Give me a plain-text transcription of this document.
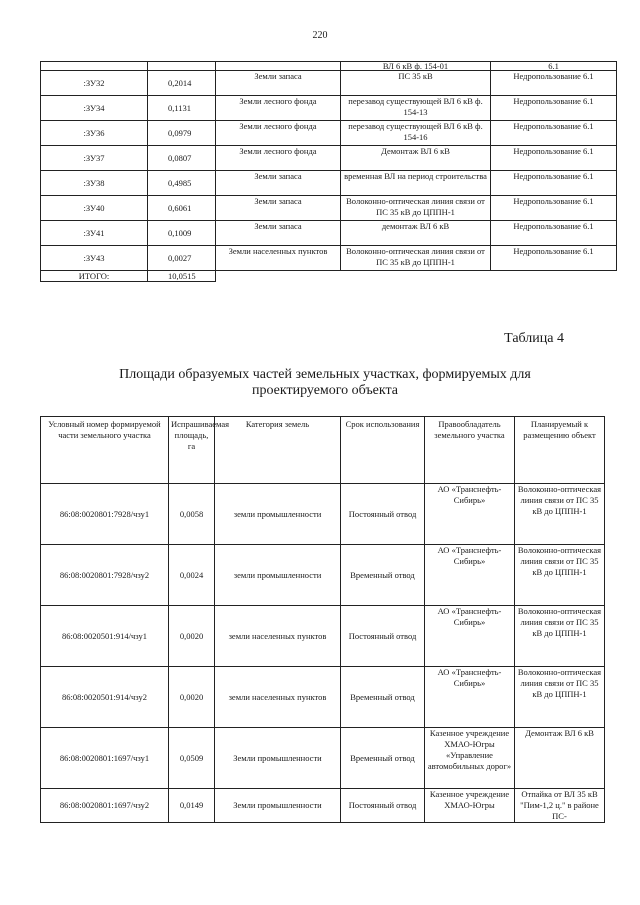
220
			ВЛ 6 кВ ф. 154-01	6.1
:ЗУ32	0,2014	Земли запаса	ПС 35 кВ	Недропользование 6.1
:ЗУ34	0,1131	Земли лесного фонда	перезавод существующей ВЛ 6 кВ ф. 154-13	Недропользование 6.1
:ЗУ36	0,0979	Земли лесного фонда	перезавод существующей ВЛ 6 кВ ф. 154-16	Недропользование 6.1
:ЗУ37	0,0807	Земли лесного фонда	Демонтаж ВЛ 6 кВ	Недропользование 6.1
:ЗУ38	0,4985	Земли запаса	временная ВЛ на период строительства	Недропользование 6.1
:ЗУ40	0,6061	Земли запаса	Волоконно-оптическая линия связи от ПС 35 кВ до ЦППН-1	Недропользование 6.1
:ЗУ41	0,1009	Земли запаса	демонтаж ВЛ 6 кВ	Недропользование 6.1
:ЗУ43	0,0027	Земли населенных пунктов	Волоконно-оптическая линия связи от ПС 35 кВ до ЦППН-1	Недропользование 6.1
ИТОГО:	10,0515			
Таблица 4
Площади образуемых частей земельных участках, формируемых для проектируемого объекта
Условный номер формируемой части земельного участка	Испрашиваемая площадь, га	Категория земель	Срок использования	Правообладатель земельного участка	Планируемый к размещению объект
86:08:0020801:7928/чзу1	0,0058	земли промышленности	Постоянный отвод	АО «Транснефть-Сибирь»	Волоконно-оптическая линия связи от ПС 35 кВ до ЦППН-1
86:08:0020801:7928/чзу2	0,0024	земли промышленности	Временный отвод	АО «Транснефть-Сибирь»	Волоконно-оптическая линия связи от ПС 35 кВ до ЦППН-1
86:08:0020501:914/чзу1	0,0020	земли населенных пунктов	Постоянный отвод	АО «Транснефть-Сибирь»	Волоконно-оптическая линия связи от ПС 35 кВ до ЦППН-1
86:08:0020501:914/чзу2	0,0020	земли населенных пунктов	Временный отвод	АО «Транснефть-Сибирь»	Волоконно-оптическая линия связи от ПС 35 кВ до ЦППН-1
86:08:0020801:1697/чзу1	0,0509	Земли промышленности	Временный отвод	Казенное учреждение ХМАО-Югры «Управление автомобильных дорог»	Демонтаж ВЛ 6 кВ
86:08:0020801:1697/чзу2	0,0149	Земли промышленности	Постоянный отвод	Казенное учреждение ХМАО-Югры	Отпайка от ВЛ 35 кВ "Пим-1,2 ц." в районе ПС-
